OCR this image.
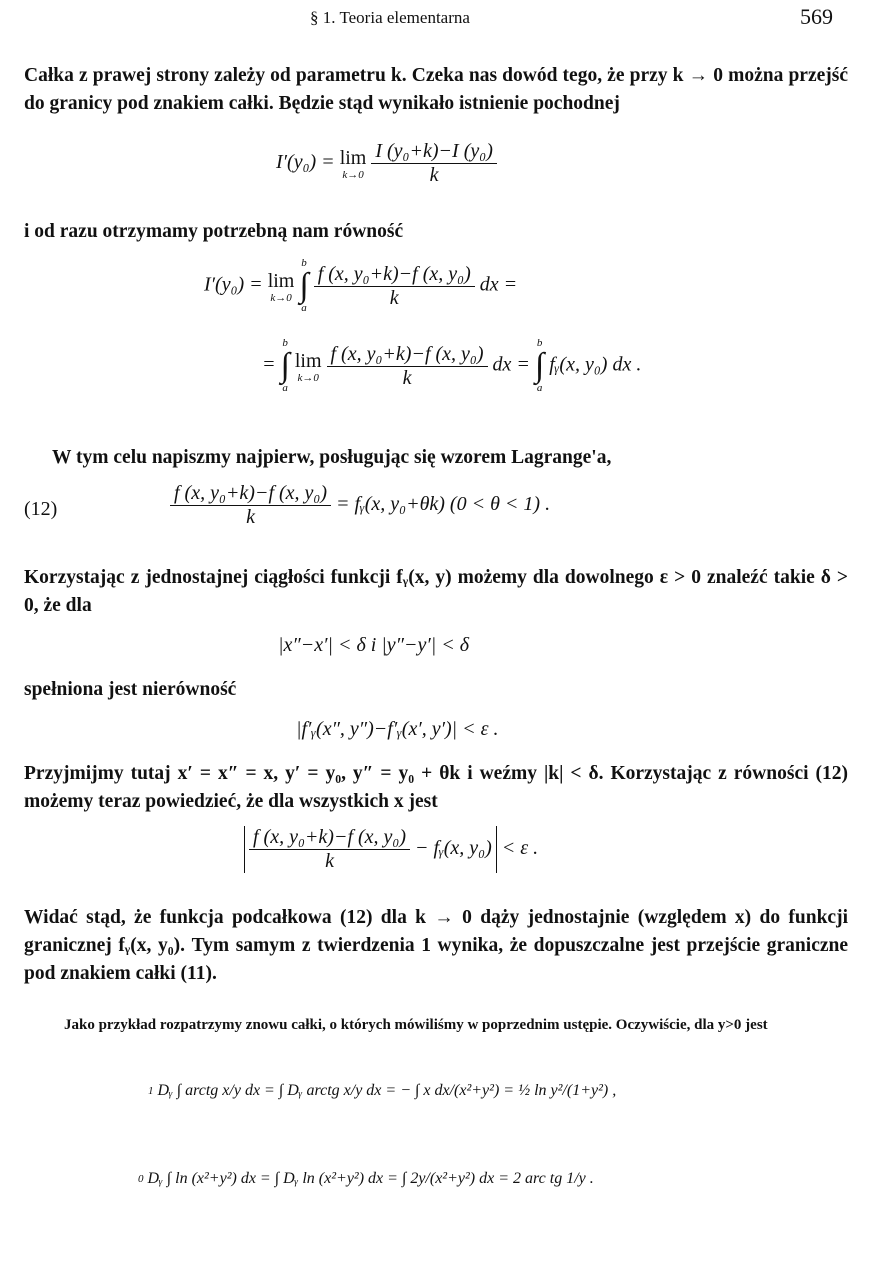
§ 1. Teoria elementarna	569
Całka z prawej strony zależy od parametru k. Czeka nas dowód tego, że przy k → 0 można przejść do granicy pod znakiem całki. Będzie stąd wynikało istnienie pochodnej
I′(y₀) = lim
k→0
$\frac{\text{I (y₀+k)−I (y₀)}}{k}$
i od razu otrzymamy potrzebną nam równość
I′(y₀) = lim
k→0

b
∫
a
$\frac{\text{f (x, y₀+k)−f (x, y₀)}}{k}$ dx =
=
b
∫
a
lim
k→0
$\frac{\text{f (x, y₀+k)−f (x, y₀)}}{k}$ dx =
b
∫
a
fᵧ(x, y₀) dx .
W tym celu napiszmy najpierw, posługując się wzorem Lagrange'a,
(12)	$\frac{\text{f (x, y₀+k)−f (x, y₀)}}{k}$ = fᵧ(x, y₀+θk) (0 < θ < 1) .
Korzystając z jednostajnej ciągłości funkcji fᵧ(x, y) możemy dla dowolnego ε > 0 znaleźć takie δ > 0, że dla
|x″−x′| < δ i |y″−y′| < δ
spełniona jest nierówność
|f′ᵧ(x″, y″)−f′ᵧ(x′, y′)| < ε .
Przyjmijmy tutaj x′ = x″ = x, y′ = y₀, y″ = y₀ + θk i weźmy |k| < δ. Korzystając z równości (12) możemy teraz powiedzieć, że dla wszystkich x jest
$\frac{\text{f (x, y₀+k)−f (x, y₀)}}{k}$ − fᵧ(x, y₀) < ε .
Widać stąd, że funkcja podcałkowa (12) dla k → 0 dąży jednostajnie (względem x) do funkcji granicznej fᵧ(x, y₀). Tym samym z twierdzenia 1 wynika, że dopuszczalne jest przejście graniczne pod znakiem całki (11).
Jako przykład rozpatrzymy znowu całki, o których mówiliśmy w poprzednim ustępie. Oczywiście, dla y>0 jest
1 Dᵧ ∫ arctg x/y dx = ∫ Dᵧ arctg x/y dx = − ∫ x dx/(x²+y²) = ½ ln y²/(1+y²) ,
0 Dᵧ ∫ ln (x²+y²) dx = ∫ Dᵧ ln (x²+y²) dx = ∫ 2y/(x²+y²) dx = 2 arc tg 1/y .
